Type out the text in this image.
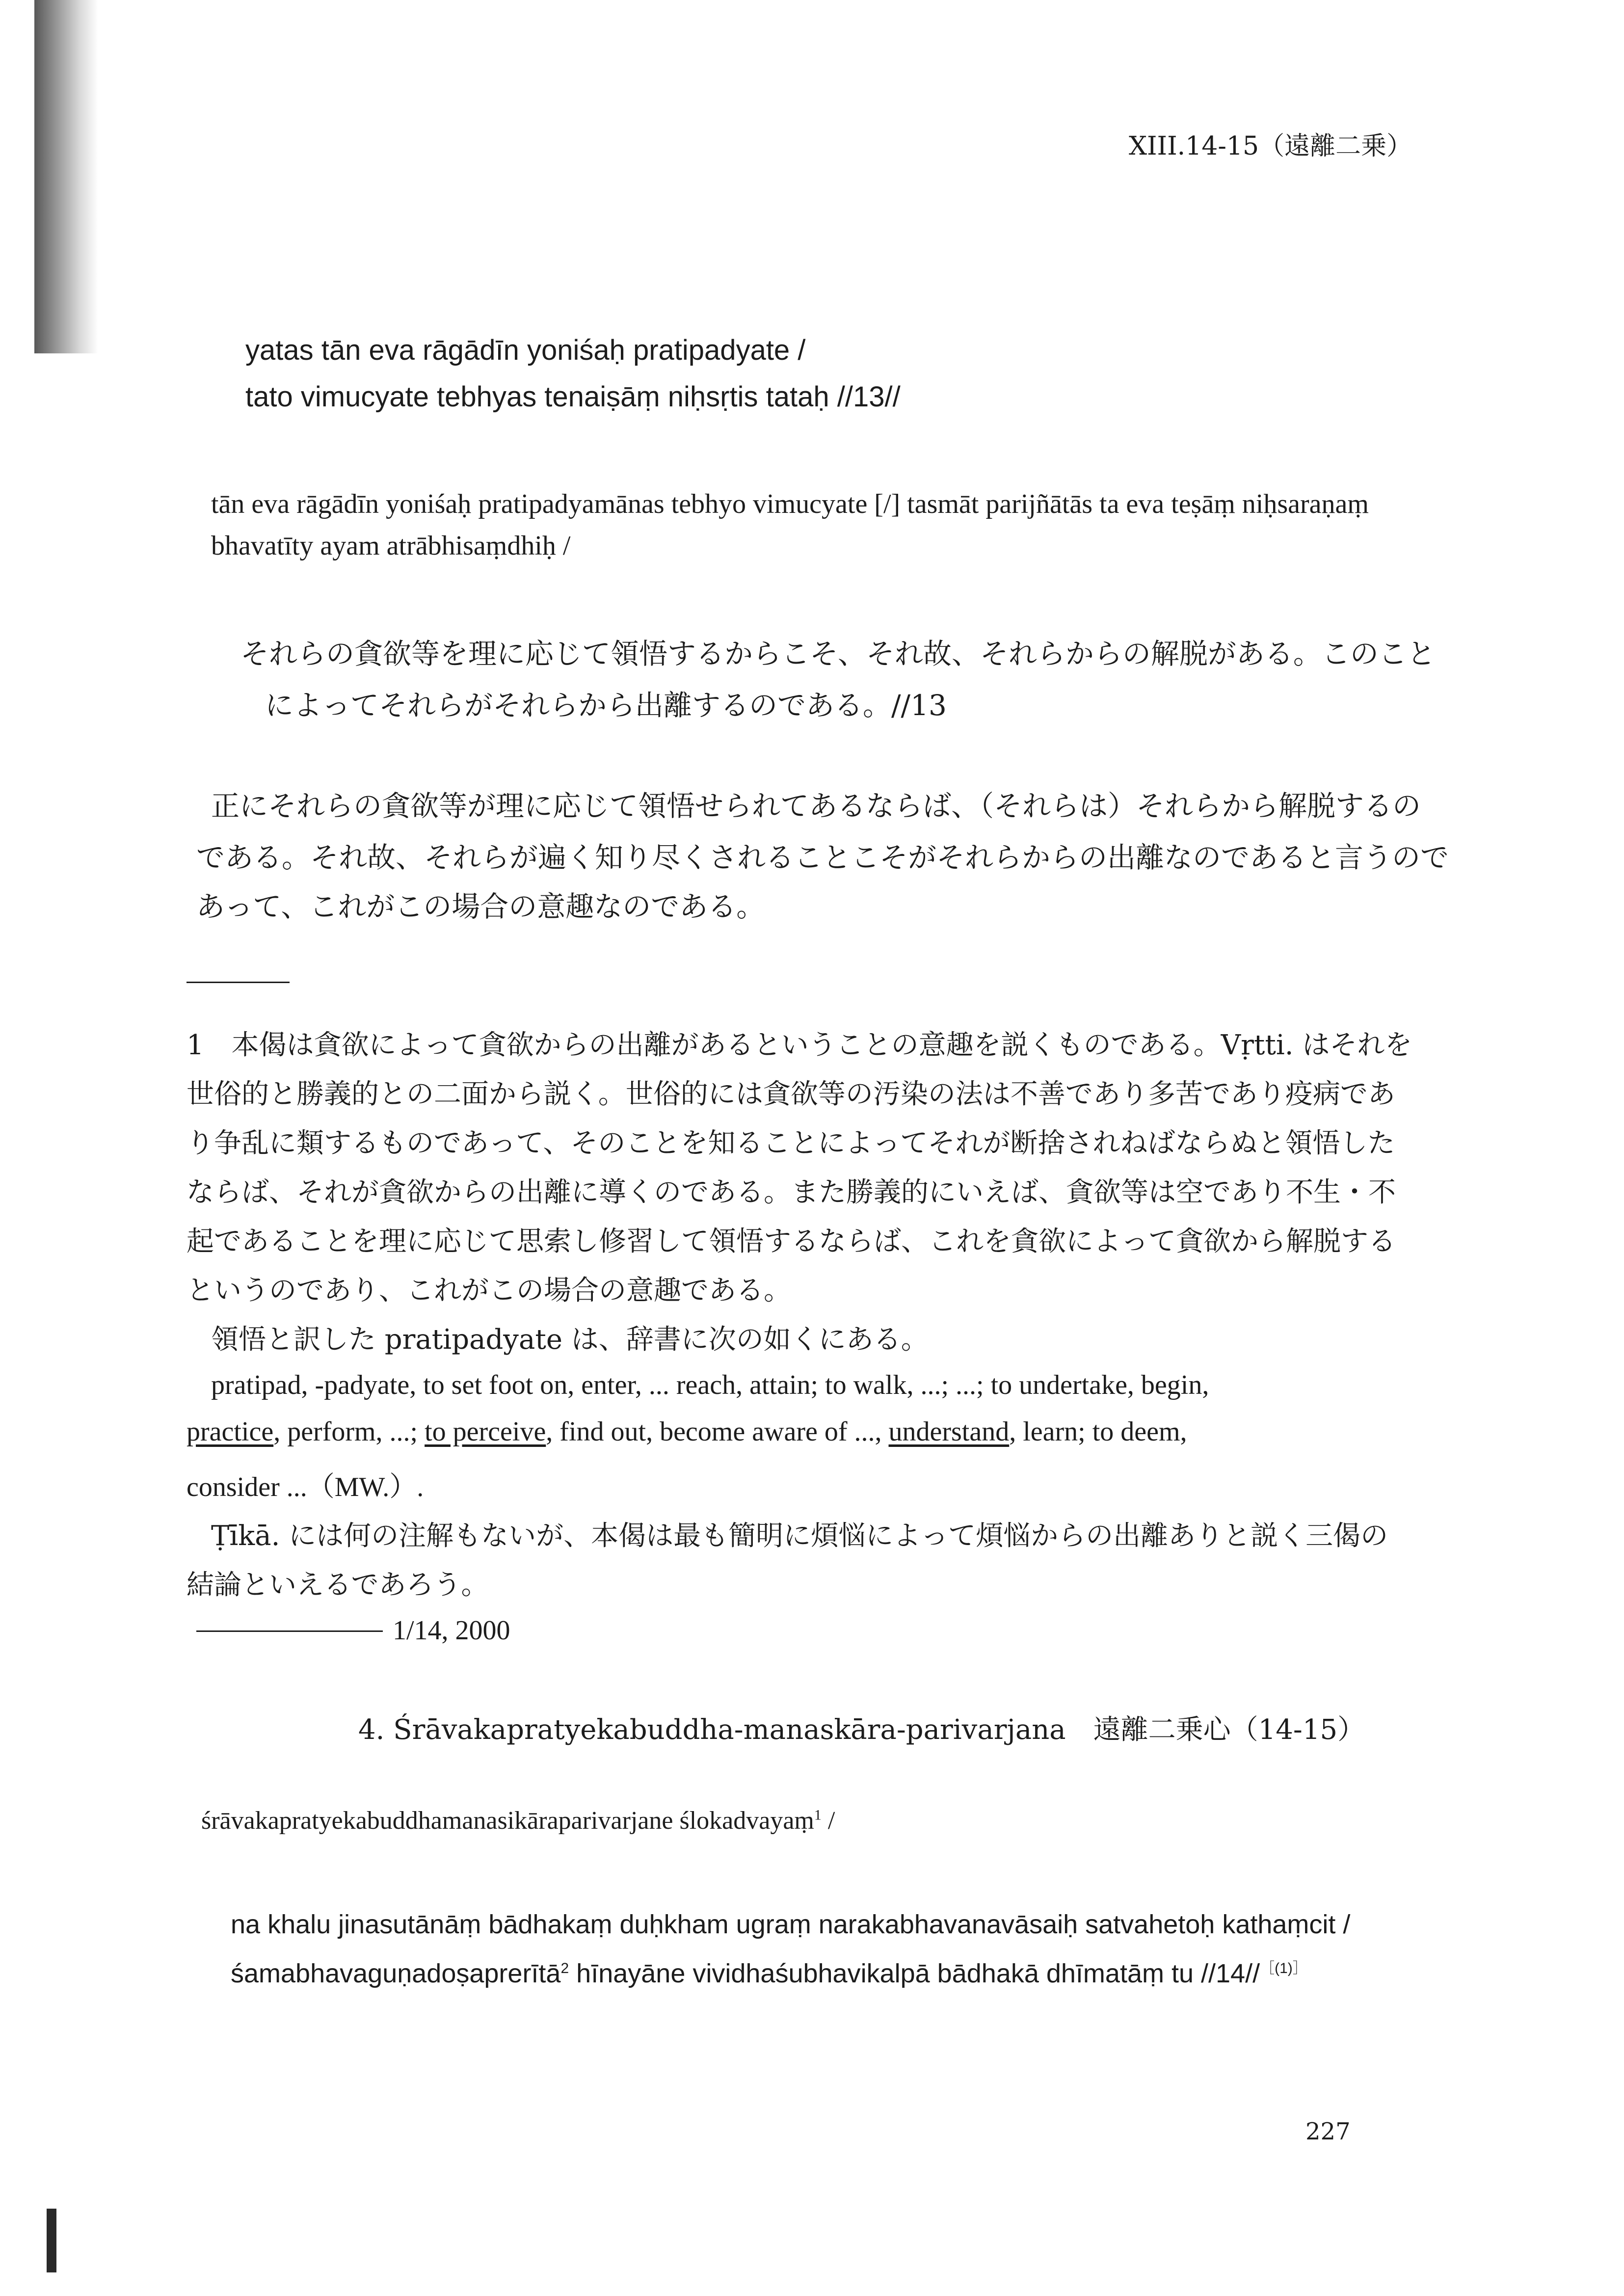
XIII.14-15（遠離二乗）
yatas tān eva rāgādīn yoniśaḥ pratipadyate /
tato vimucyate tebhyas tenaiṣāṃ niḥsṛtis tataḥ //13//
tān eva rāgādīn yoniśaḥ pratipadyamānas tebhyo vimucyate [/] tasmāt parijñātās ta eva teṣāṃ niḥsaraṇaṃ
bhavatīty ayam atrābhisaṃdhiḥ /
それらの貪欲等を理に応じて領悟するからこそ、それ故、それらからの解脱がある。このこと
によってそれらがそれらから出離するのである。//13
正にそれらの貪欲等が理に応じて領悟せられてあるならば、（それらは）それらから解脱するの
である。それ故、それらが遍く知り尽くされることこそがそれらからの出離なのであると言うので
あって、これがこの場合の意趣なのである。
1　本偈は貪欲によって貪欲からの出離があるということの意趣を説くものである。Vṛtti. はそれを
世俗的と勝義的との二面から説く。世俗的には貪欲等の汚染の法は不善であり多苦であり疫病であ
り争乱に類するものであって、そのことを知ることによってそれが断捨されねばならぬと領悟した
ならば、それが貪欲からの出離に導くのである。また勝義的にいえば、貪欲等は空であり不生・不
起であることを理に応じて思索し修習して領悟するならば、これを貪欲によって貪欲から解脱する
というのであり、これがこの場合の意趣である。
領悟と訳した pratipadyate は、辞書に次の如くにある。
pratipad, -padyate, to set foot on, enter, ... reach, attain; to walk, ...; ...; to undertake, begin,
practice, perform, ...; to perceive, find out, become aware of ..., understand, learn; to deem,
consider ...（MW.）.
Ṭīkā. には何の注解もないが、本偈は最も簡明に煩悩によって煩悩からの出離ありと説く三偈の
結論といえるであろう。
1/14, 2000
4. Śrāvakapratyekabuddha-manaskāra-parivarjana　遠離二乗心（14-15）
śrāvakapratyekabuddhamanasikāraparivarjane ślokadvayaṃ$^1$ /
na khalu jinasutānāṃ bādhakaṃ duḥkham ugraṃ narakabhavanavāsaiḥ satvahetoḥ kathaṃcit /
śamabhavaguṇadoṣaprerītā$^2$ hīnayāne vividhaśubhavikalpā bādhakā dhīmatāṃ tu //14//$^{[(1)]}$
227
